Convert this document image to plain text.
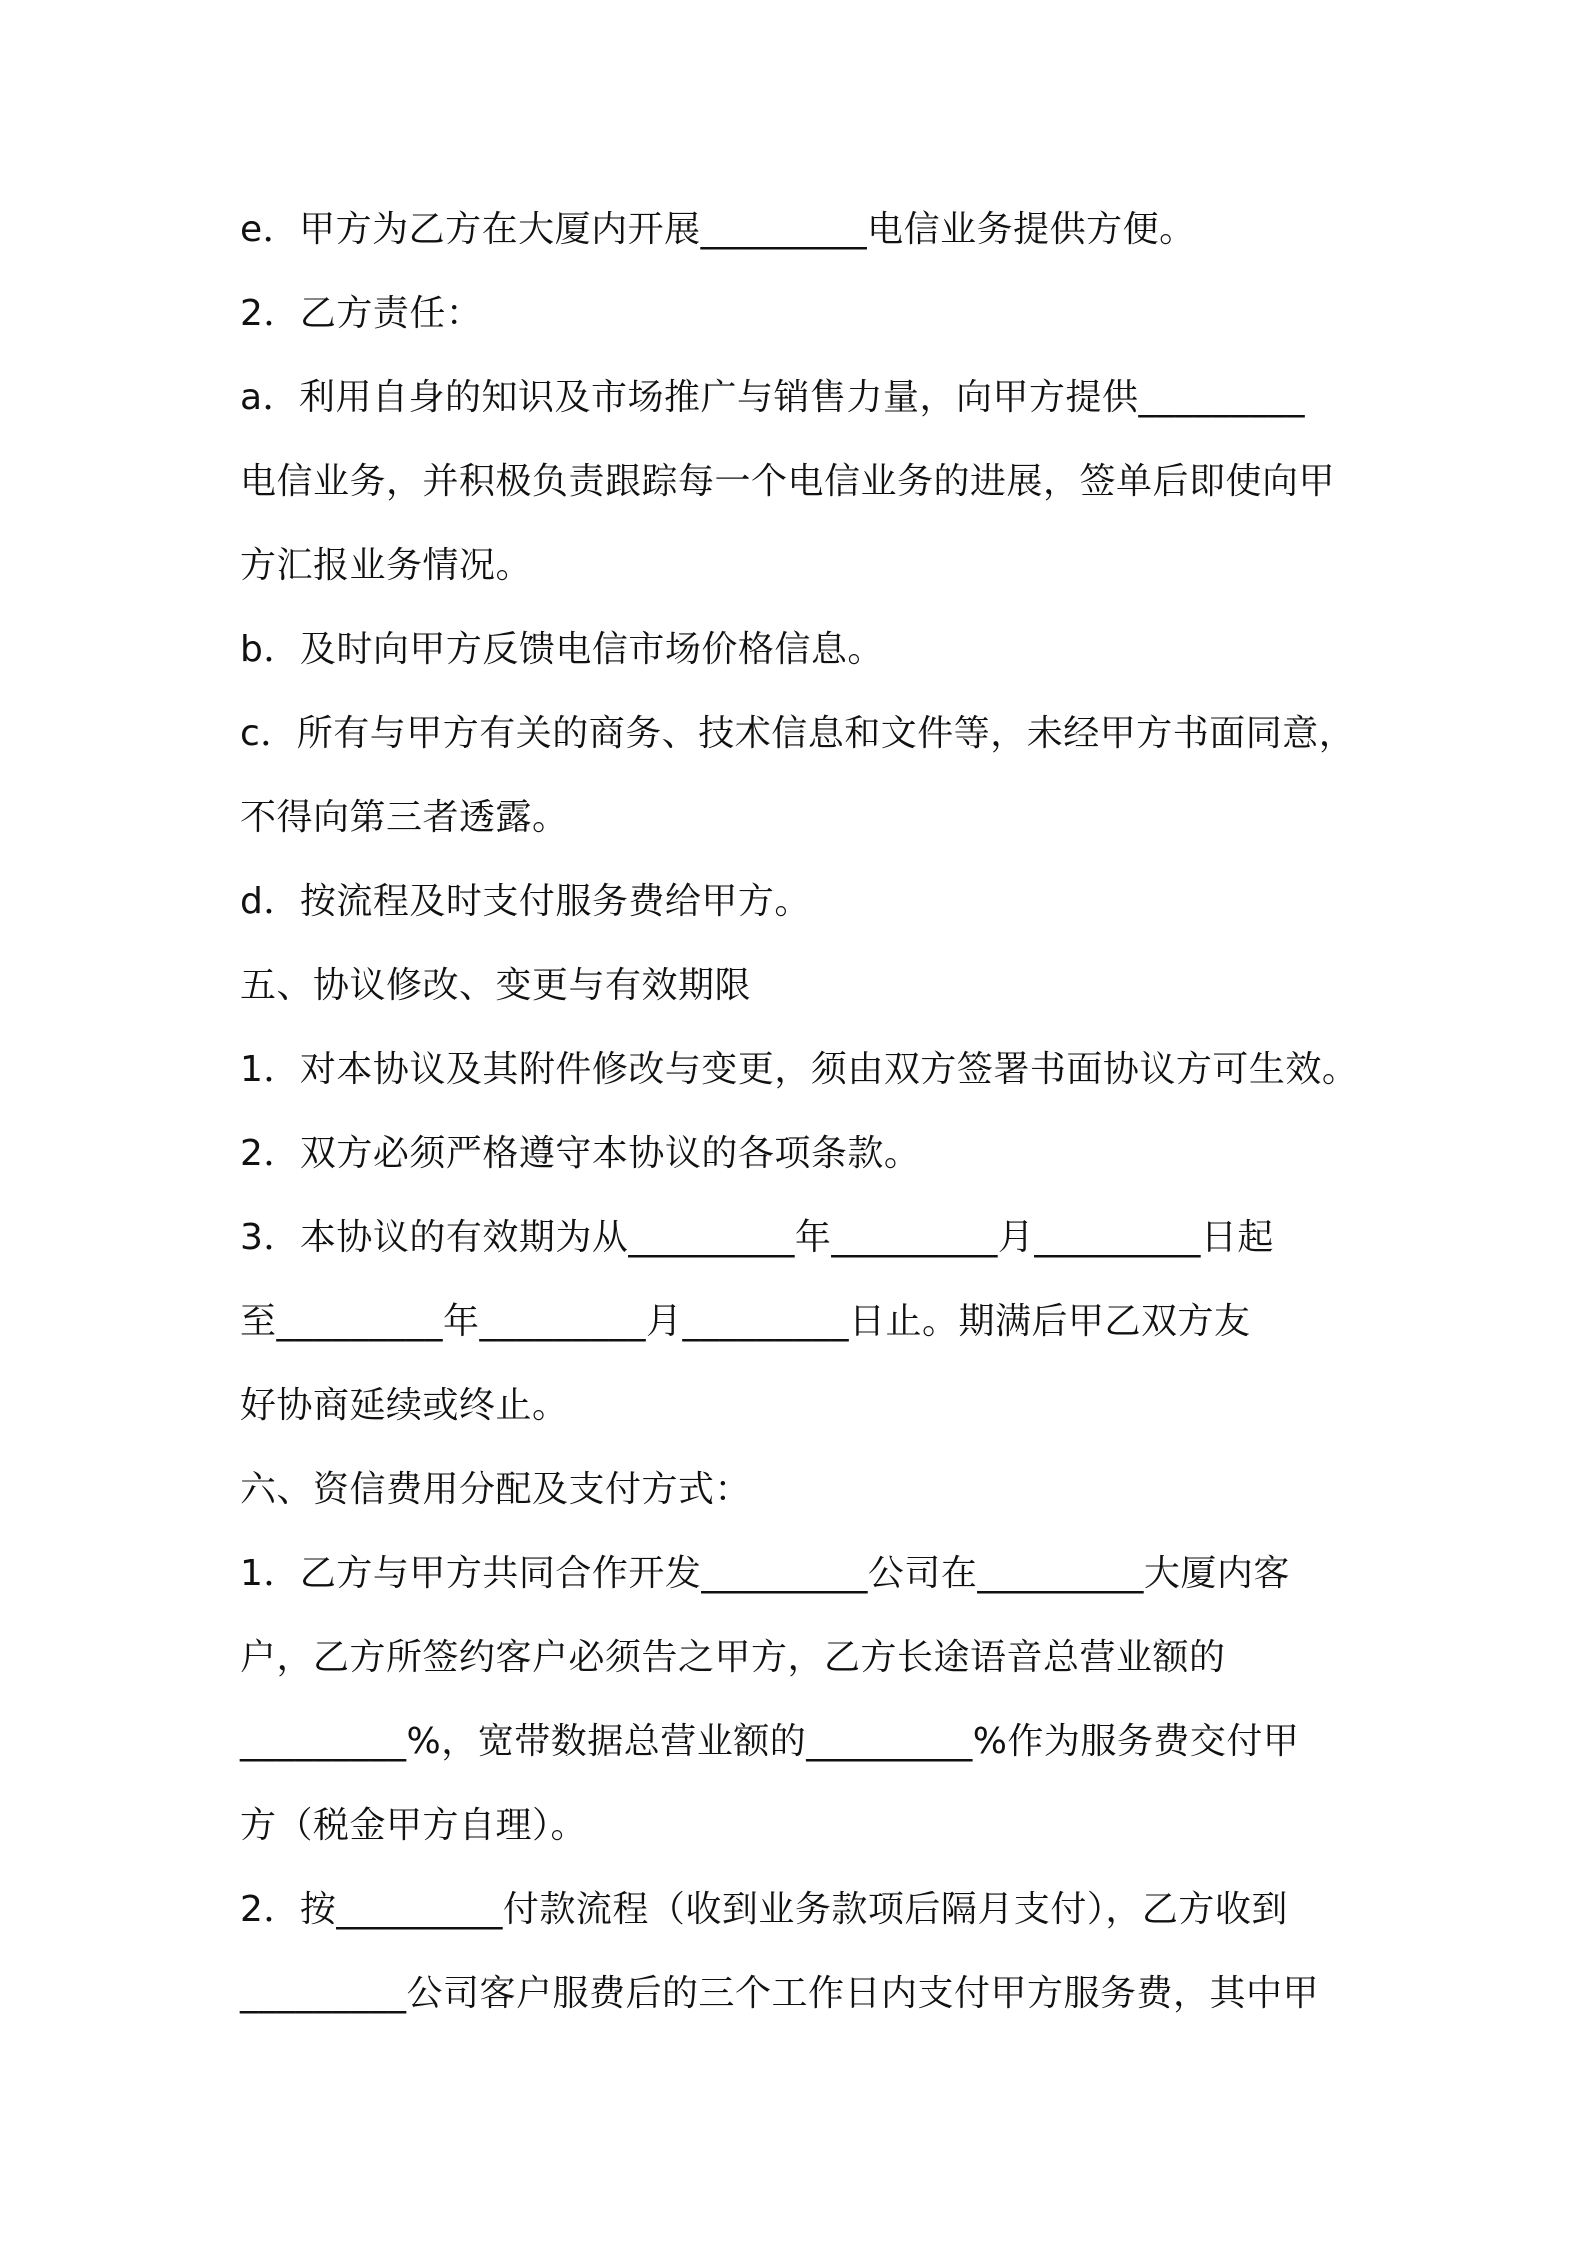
e．甲方为乙方在大厦内开展_________电信业务提供方便。
2．乙方责任：
a．利用自身的知识及市场推广与销售力量，向甲方提供_________
电信业务，并积极负责跟踪每一个电信业务的进展，签单后即使向甲
方汇报业务情况。
b．及时向甲方反馈电信市场价格信息。
c．所有与甲方有关的商务、技术信息和文件等，未经甲方书面同意，
不得向第三者透露。
d．按流程及时支付服务费给甲方。
五、协议修改、变更与有效期限
1．对本协议及其附件修改与变更，须由双方签署书面协议方可生效。
2．双方必须严格遵守本协议的各项条款。
3．本协议的有效期为从_________年_________月_________日起
至_________年_________月_________日止。期满后甲乙双方友
好协商延续或终止。
六、资信费用分配及支付方式：
1．乙方与甲方共同合作开发_________公司在_________大厦内客
户，乙方所签约客户必须告之甲方，乙方长途语音总营业额的
_________%，宽带数据总营业额的_________%作为服务费交付甲
方（税金甲方自理）。
2．按_________付款流程（收到业务款项后隔月支付），乙方收到
_________公司客户服费后的三个工作日内支付甲方服务费，其中甲
